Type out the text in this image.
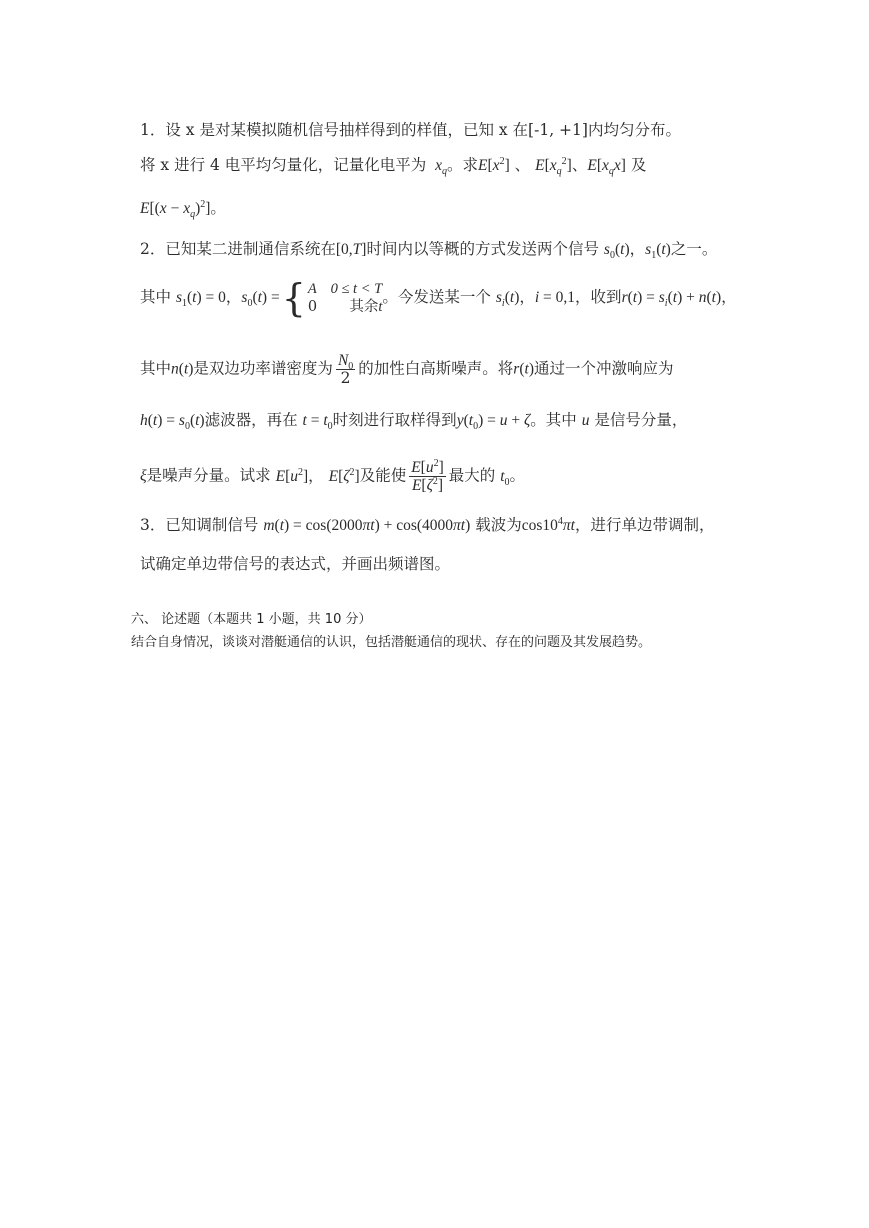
1．设 x 是对某模拟随机信号抽样得到的样值，已知 x 在[-1, +1]内均匀分布。
将 x 进行 4 电平均匀量化，记量化电平为  $x_q$。求$E[x^2]$ 、 $E[x_q^2]$、$E[x_qx]$ 及
$E[(x - x_q)^2]$。
2．已知某二进制通信系统在[0,T]时间内以等概的方式发送两个信号 $s_0(t)$，$s_1(t)$之一。
其中 $s_1(t) = 0$，$s_0(t)$ ={ A 0 ≤ t < T
0       其余t。今发送某一个 $s_i(t)$，i = 0,1，收到$r(t) = s_i(t) + n(t)$，
其中n(t)是双边功率谱密度为 $\frac{N_0}{2}$ 的加性白高斯噪声。将r(t)通过一个冲激响应为
$h(t) = s_0(t)$滤波器，再在 $t = t_0$时刻进行取样得到$y(t_0) = u + \zeta$。其中 u 是信号分量，
ξ是噪声分量。试求 $E[u^2]$， $E[\zeta^2]$及能使 $\frac{E[u^2]}{E[\zeta^2]}$ 最大的 $t_0$。
3．已知调制信号 m(t) = cos(2000πt) + cos(4000πt) 载波为$\cos 10^4\pi t$，进行单边带调制，
试确定单边带信号的表达式，并画出频谱图。
六、 论述题（本题共 1 小题，共 10 分）
结合自身情况，谈谈对潜艇通信的认识，包括潜艇通信的现状、存在的问题及其发展趋势。
